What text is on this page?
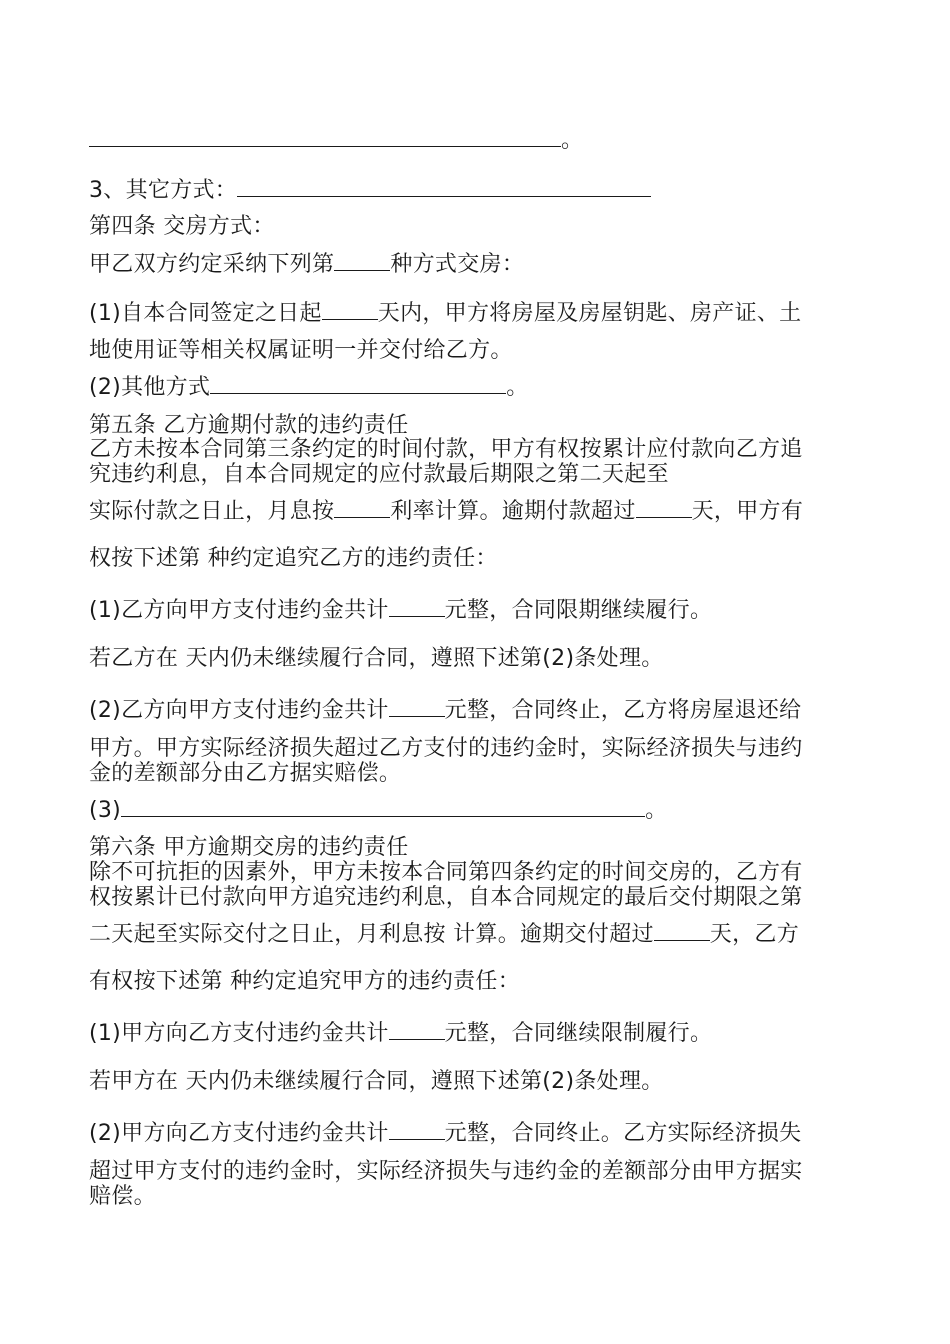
。

3、其它方式：

第四条 交房方式：

甲乙双方约定采纳下列第	种方式交房：

(1)自本合同签定之日起	天内，甲方将房屋及房屋钥匙、房产证、土

地使用证等相关权属证明一并交付给乙方。

(2)其他方式	。

第五条 乙方逾期付款的违约责任

乙方未按本合同第三条约定的时间付款，甲方有权按累计应付款向乙方追

究违约利息，自本合同规定的应付款最后期限之第二天起至

实际付款之日止，月息按	利率计算。逾期付款超过	天，甲方有

权按下述第 种约定追究乙方的违约责任：

(1)乙方向甲方支付违约金共计	元整，合同限期继续履行。

若乙方在 天内仍未继续履行合同，遵照下述第(2)条处理。

(2)乙方向甲方支付违约金共计	元整，合同终止，乙方将房屋退还给

甲方。甲方实际经济损失超过乙方支付的违约金时，实际经济损失与违约

金的差额部分由乙方据实赔偿。

(3)	。

第六条 甲方逾期交房的违约责任

除不可抗拒的因素外，甲方未按本合同第四条约定的时间交房的，乙方有

权按累计已付款向甲方追究违约利息，自本合同规定的最后交付期限之第

二天起至实际交付之日止，月利息按 计算。逾期交付超过	天，乙方

有权按下述第 种约定追究甲方的违约责任：

(1)甲方向乙方支付违约金共计	元整，合同继续限制履行。

若甲方在 天内仍未继续履行合同，遵照下述第(2)条处理。

(2)甲方向乙方支付违约金共计	元整，合同终止。乙方实际经济损失

超过甲方支付的违约金时，实际经济损失与违约金的差额部分由甲方据实

赔偿。
